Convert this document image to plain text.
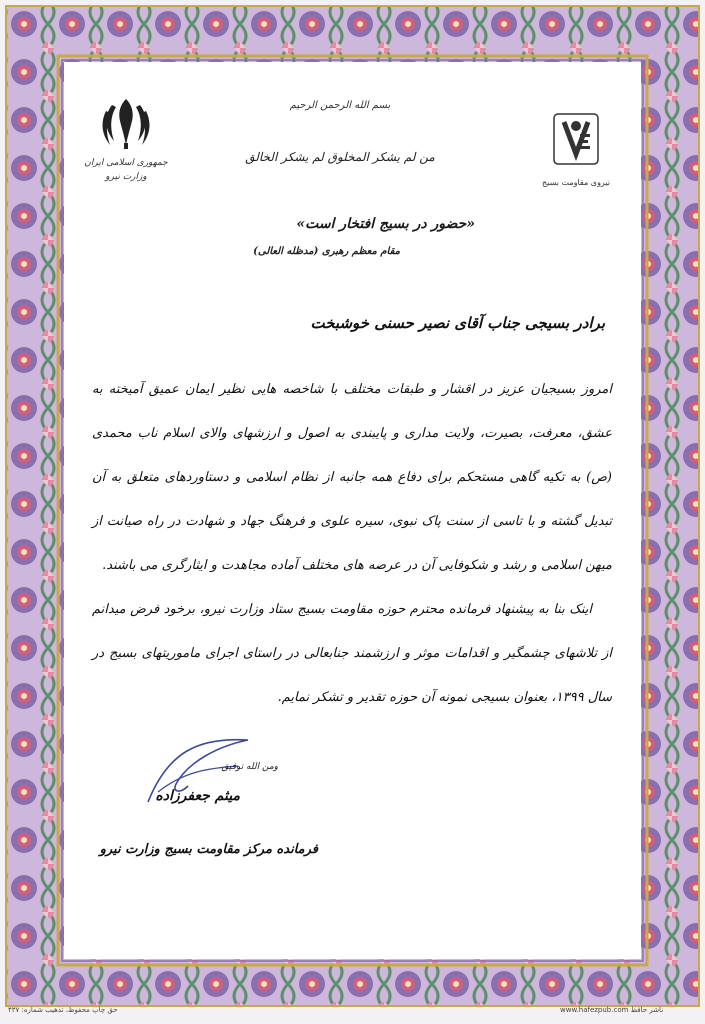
جمهوری اسلامی ایران
وزارت نیرو
نیروی مقاومت بسیج
بسم الله الرحمن الرحیم
من لم یشکر المخلوق لم یشکر الخالق
«حضور در بسیج افتخار است»
مقام معظم رهبری (مدظله العالی)
برادر بسیجی جناب آقای نصیر حسنی خوشبخت

امروز بسیجیان عزیز در اقشار و طبقات مختلف با شاخصه هایی نظیر ایمان عمیق آمیخته به عشق، معرفت، بصیرت، ولایت مداری و پایبندی به اصول و ارزشهای والای اسلام ناب محمدی (ص) به تکیه گاهی مستحکم برای دفاع همه جانبه از نظام اسلامی و دستاوردهای متعلق به آن تبدیل گشته و با تاسی از سنت پاک نبوی، سیره علوی و فرهنگ جهاد و شهادت در راه صیانت از میهن اسلامی و رشد و شکوفایی آن در عرصه های مختلف آماده مجاهدت و ایثارگری می باشند.

اینک بنا به پیشنهاد فرمانده محترم حوزه مقاومت بسیج ستاد وزارت نیرو، برخود فرض میدانم از تلاشهای چشمگیر و اقدامات موثر و ارزشمند جنابعالی در راستای اجرای ماموریتهای بسیج در سال ۱۳۹۹، بعنوان بسیجی نمونه آن حوزه تقدیر و تشکر نمایم.

ومن الله توفیق
میثم جعفرزاده
فرمانده مرکز مقاومت بسیج وزارت نیرو
حق چاپ محفوظ، تذهیب شماره: ۴۳۷	www.hafezpub.com ناشر حافظ
